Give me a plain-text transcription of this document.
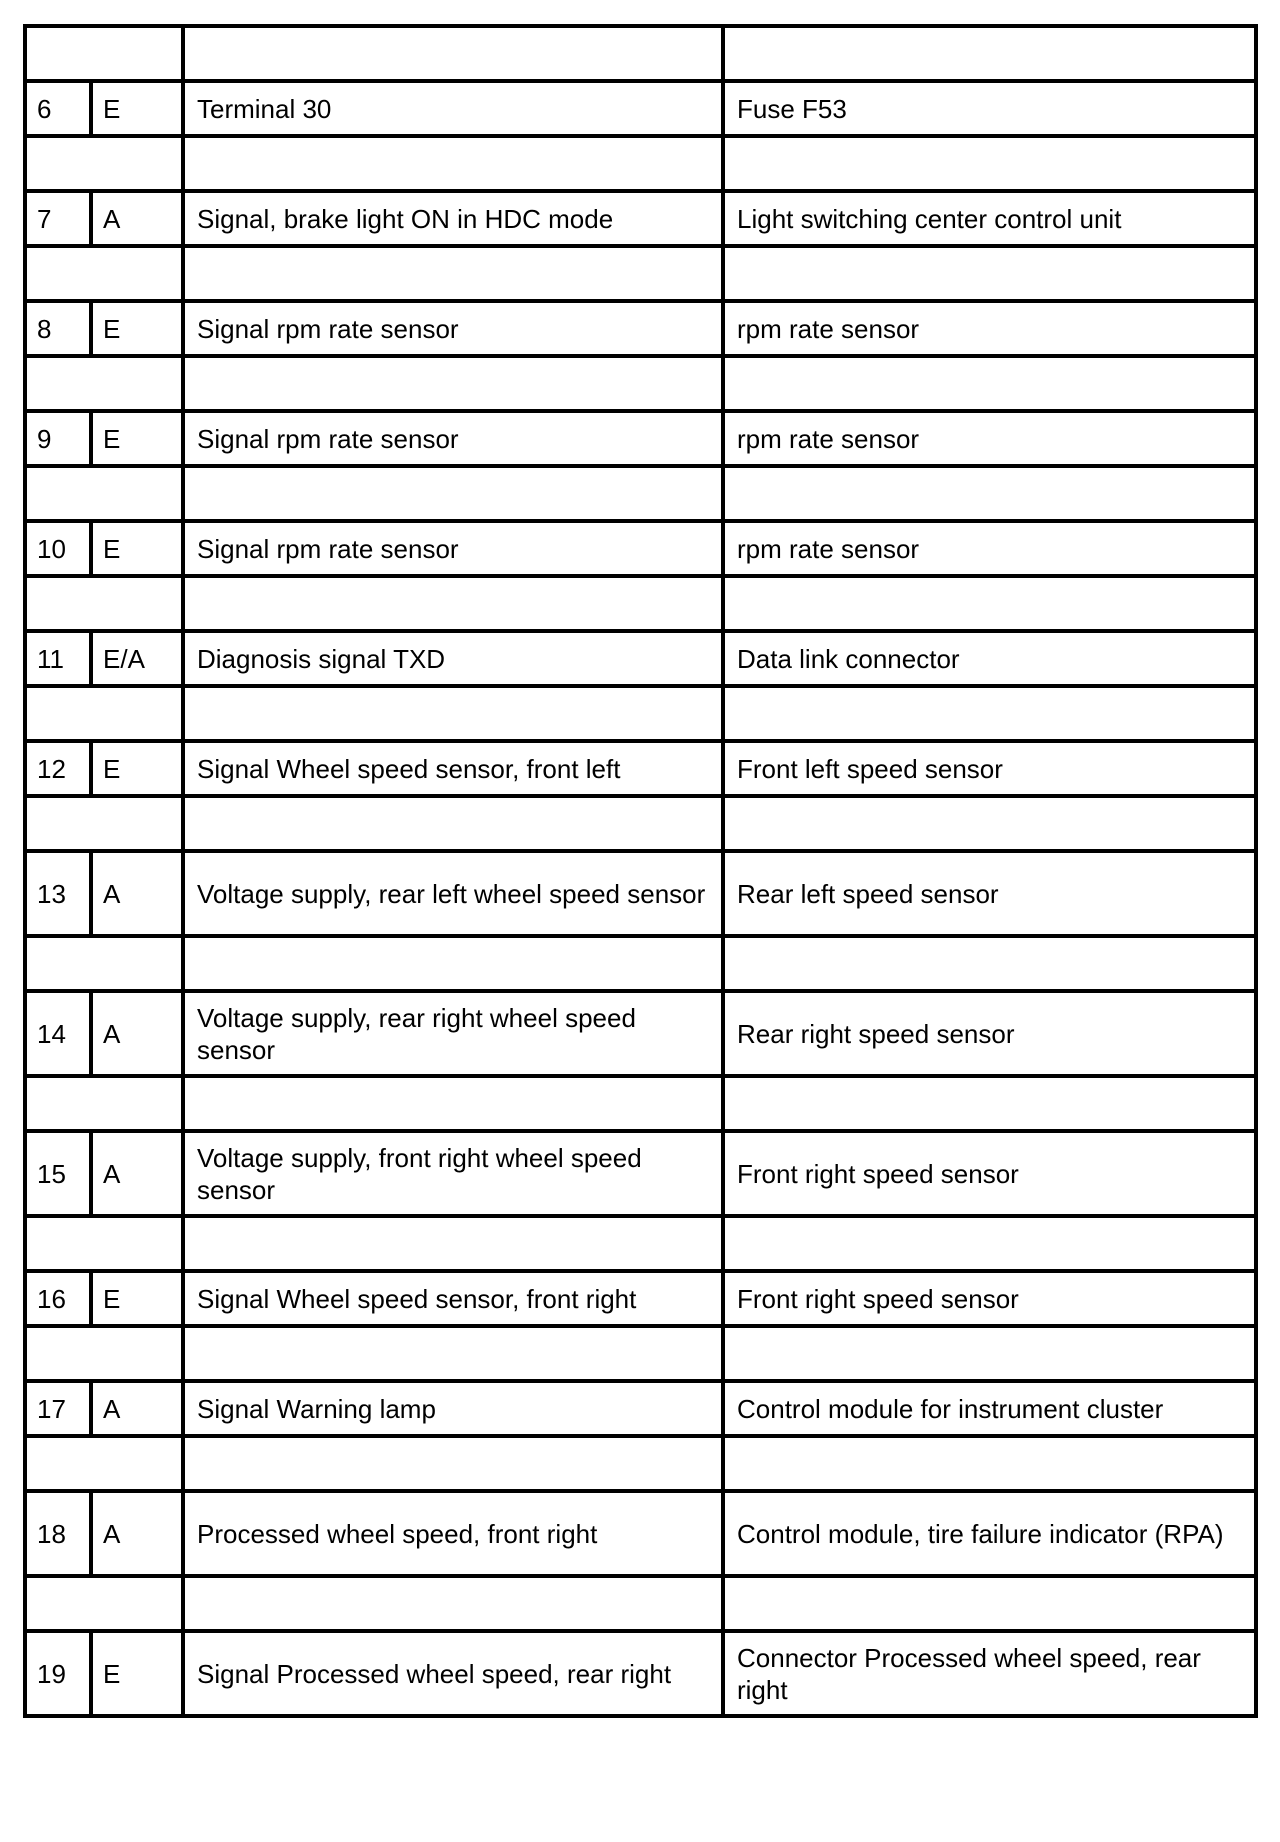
6	E	Terminal 30	Fuse F53

7	A	Signal, brake light ON in HDC mode	Light switching center control unit

8	E	Signal rpm rate sensor	rpm rate sensor

9	E	Signal rpm rate sensor	rpm rate sensor

10	E	Signal rpm rate sensor	rpm rate sensor

11	E/A	Diagnosis signal TXD	Data link connector

12	E	Signal Wheel speed sensor, front left	Front left speed sensor

13	A	Voltage supply, rear left wheel speed sensor	Rear left speed sensor

14	A	Voltage supply, rear right wheel speed sensor	Rear right speed sensor

15	A	Voltage supply, front right wheel speed sensor	Front right speed sensor

16	E	Signal Wheel speed sensor, front right	Front right speed sensor

17	A	Signal Warning lamp	Control module for instrument cluster

18	A	Processed wheel speed, front right	Control module, tire failure indicator (RPA)

19	E	Signal Processed wheel speed, rear right	Connector Processed wheel speed, rear right
